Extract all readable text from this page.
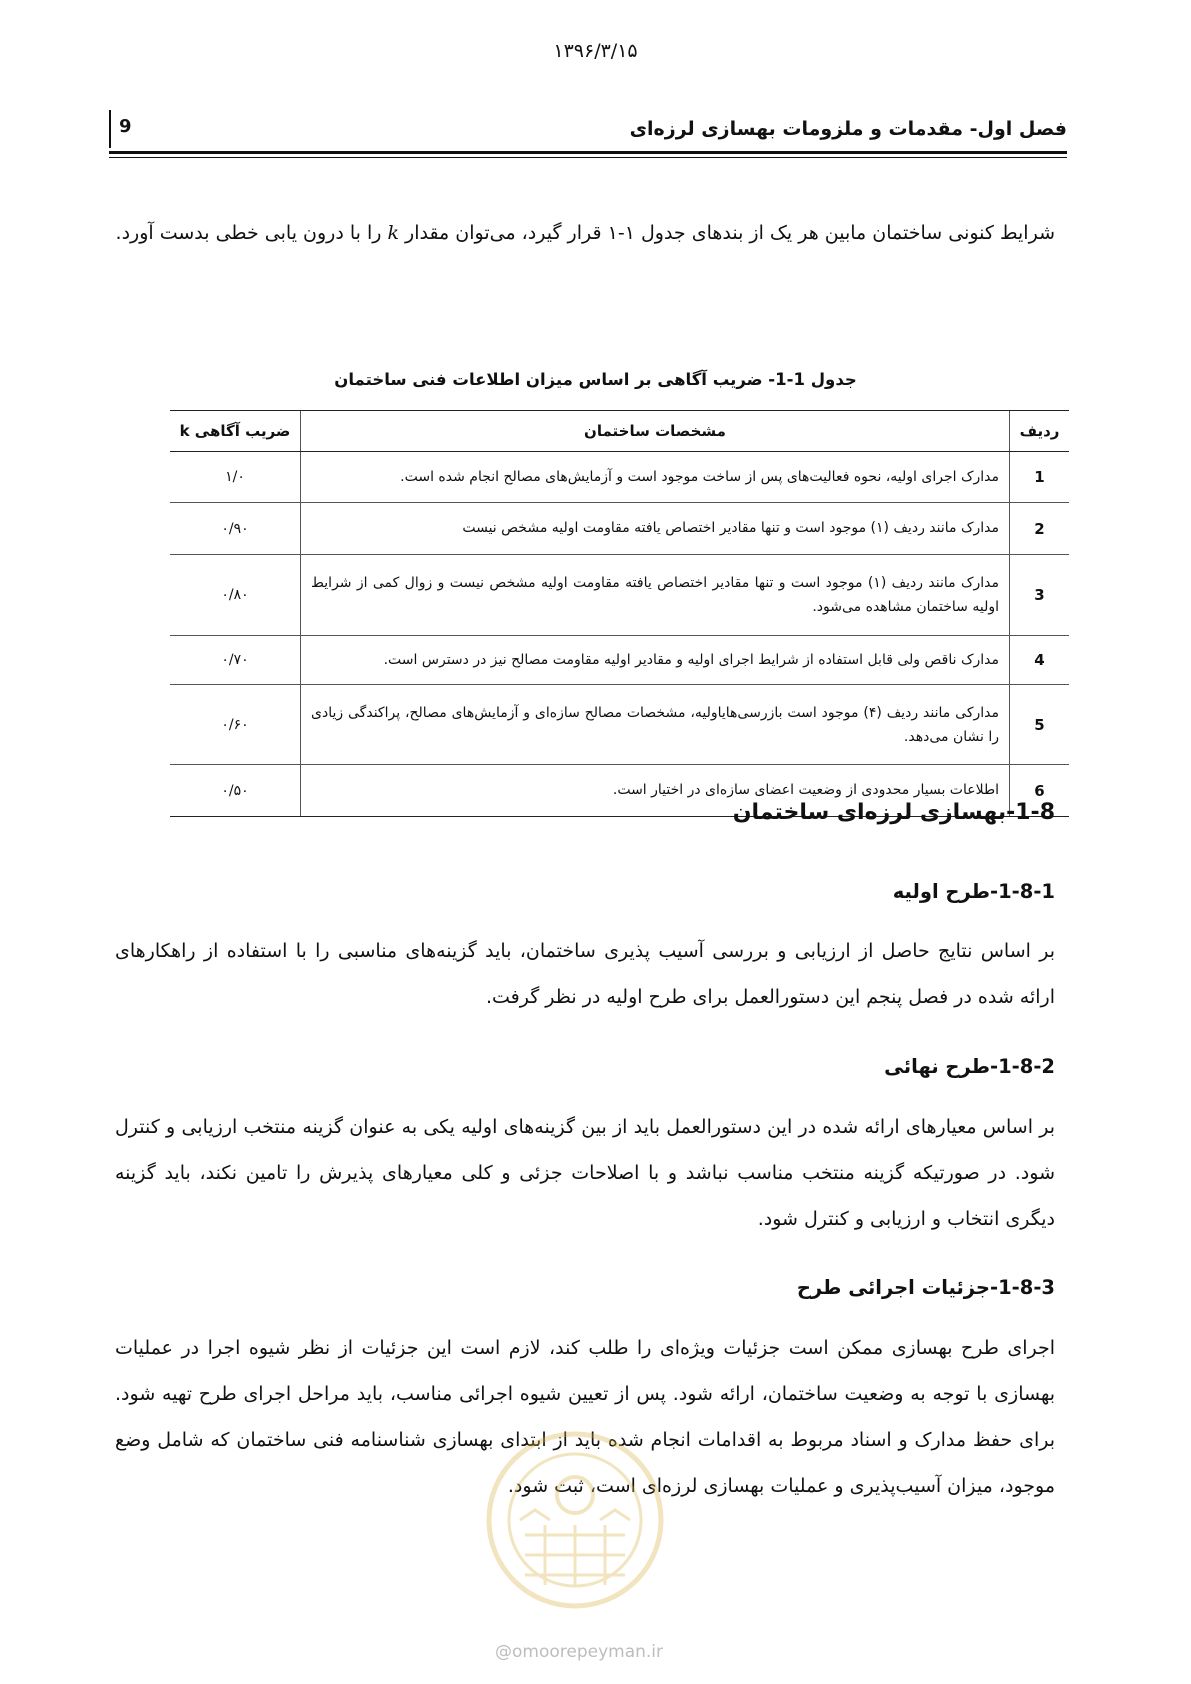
۱۳۹۶/۳/۱۵
فصل اول- مقدمات و ملزومات بهسازی لرزه‌ای
9

شرایط کنونی ساختمان مابین هر یک از بندهای جدول ۱-۱ قرار گیرد، می‌توان مقدار k را با درون یابی خطی بدست آورد.

جدول 1-1- ضریب آگاهی بر اساس میزان اطلاعات فنی ساختمان
ردیف	مشخصات ساختمان	ضریب آگاهی k
1	مدارک اجرای اولیه، نحوه فعالیت‌های پس از ساخت موجود است و آزمایش‌های مصالح انجام شده است.	۱/۰
2	مدارک مانند ردیف (۱) موجود است و تنها مقادیر اختصاص یافته مقاومت اولیه مشخص نیست	۰/۹۰
3	مدارک مانند ردیف (۱) موجود است و تنها مقادیر اختصاص یافته مقاومت اولیه مشخص نیست و زوال کمی از شرایط اولیه ساختمان مشاهده می‌شود.	۰/۸۰
4	مدارک ناقص ولی قابل استفاده از شرایط اجرای اولیه و مقادیر اولیه مقاومت مصالح نیز در دسترس است.	۰/۷۰
5	مدارکی مانند ردیف (۴) موجود است بازرسی‌هایاولیه، مشخصات مصالح سازه‌ای و آزمایش‌های مصالح، پراکندگی زیادی را نشان می‌دهد.	۰/۶۰
6	اطلاعات بسیار محدودی از وضعیت اعضای سازه‌ای در اختیار است.	۰/۵۰
1-8-بهسازی لرزه‌ای ساختمان
1-8-1-طرح اولیه

بر اساس نتایج حاصل از ارزیابی و بررسی آسیب پذیری ساختمان، باید گزینه‌های مناسبی را با استفاده از راهکارهای ارائه شده در فصل پنجم این دستورالعمل برای طرح اولیه در نظر گرفت.

1-8-2-طرح نهائی

بر اساس معیارهای ارائه شده در این دستورالعمل باید از بین گزینه‌های اولیه یکی به عنوان گزینه منتخب ارزیابی و کنترل شود. در صورتیکه گزینه منتخب مناسب نباشد و با اصلاحات جزئی و کلی معیارهای پذیرش را تامین نکند، باید گزینه دیگری انتخاب و ارزیابی و کنترل شود.

1-8-3-جزئیات اجرائی طرح

اجرای طرح بهسازی ممکن است جزئیات ویژه‌ای را طلب کند، لازم است این جزئیات از نظر شیوه اجرا در عملیات بهسازی با توجه به وضعیت ساختمان، ارائه شود. پس از تعیین شیوه اجرائی مناسب، باید مراحل اجرای طرح تهیه شود. برای حفظ مدارک و اسناد مربوط به اقدامات انجام شده باید از ابتدای بهسازی شناسنامه فنی ساختمان که شامل وضع موجود، میزان آسیب‌پذیری و عملیات بهسازی لرزه‌ای است، ثبت شود.

@omoorepeyman.ir
